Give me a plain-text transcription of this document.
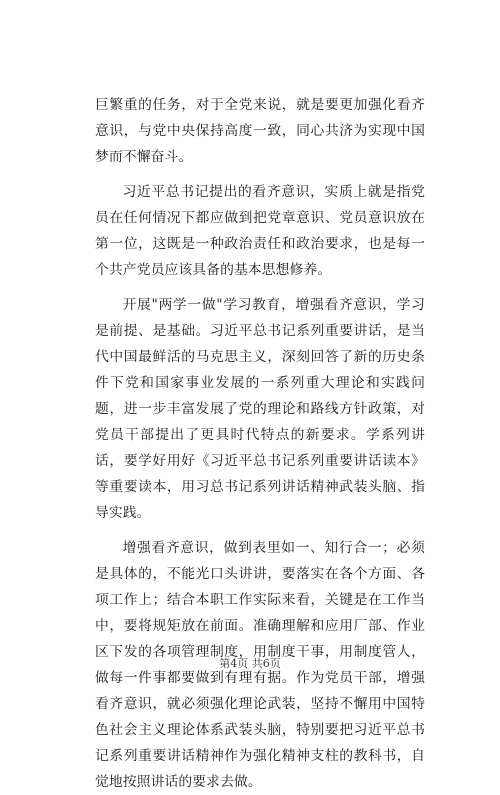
巨繁重的任务，对于全党来说，就是要更加强化看齐意识，与党中央保持高度一致，同心共济为实现中国梦而不懈奋斗。

习近平总书记提出的看齐意识，实质上就是指党员在任何情况下都应做到把党章意识、党员意识放在第一位，这既是一种政治责任和政治要求，也是每一个共产党员应该具备的基本思想修养。

开展"两学一做"学习教育，增强看齐意识，学习是前提、是基础。习近平总书记系列重要讲话，是当代中国最鲜活的马克思主义，深刻回答了新的历史条件下党和国家事业发展的一系列重大理论和实践问题，进一步丰富发展了党的理论和路线方针政策，对党员干部提出了更具时代特点的新要求。学系列讲话，要学好用好《习近平总书记系列重要讲话读本》等重要读本，用习总书记系列讲话精神武装头脑、指导实践。

增强看齐意识，做到表里如一、知行合一；必须是具体的，不能光口头讲讲，要落实在各个方面、各项工作上；结合本职工作实际来看，关键是在工作当中，要将规矩放在前面。准确理解和应用厂部、作业区下发的各项管理制度，用制度干事，用制度管人，做每一件事都要做到有理有据。作为党员干部，增强看齐意识，就必须强化理论武装，坚持不懈用中国特色社会主义理论体系武装头脑，特别要把习近平总书记系列重要讲话精神作为强化精神支柱的教科书，自觉地按照讲话的要求去做。

第4页 共6页
